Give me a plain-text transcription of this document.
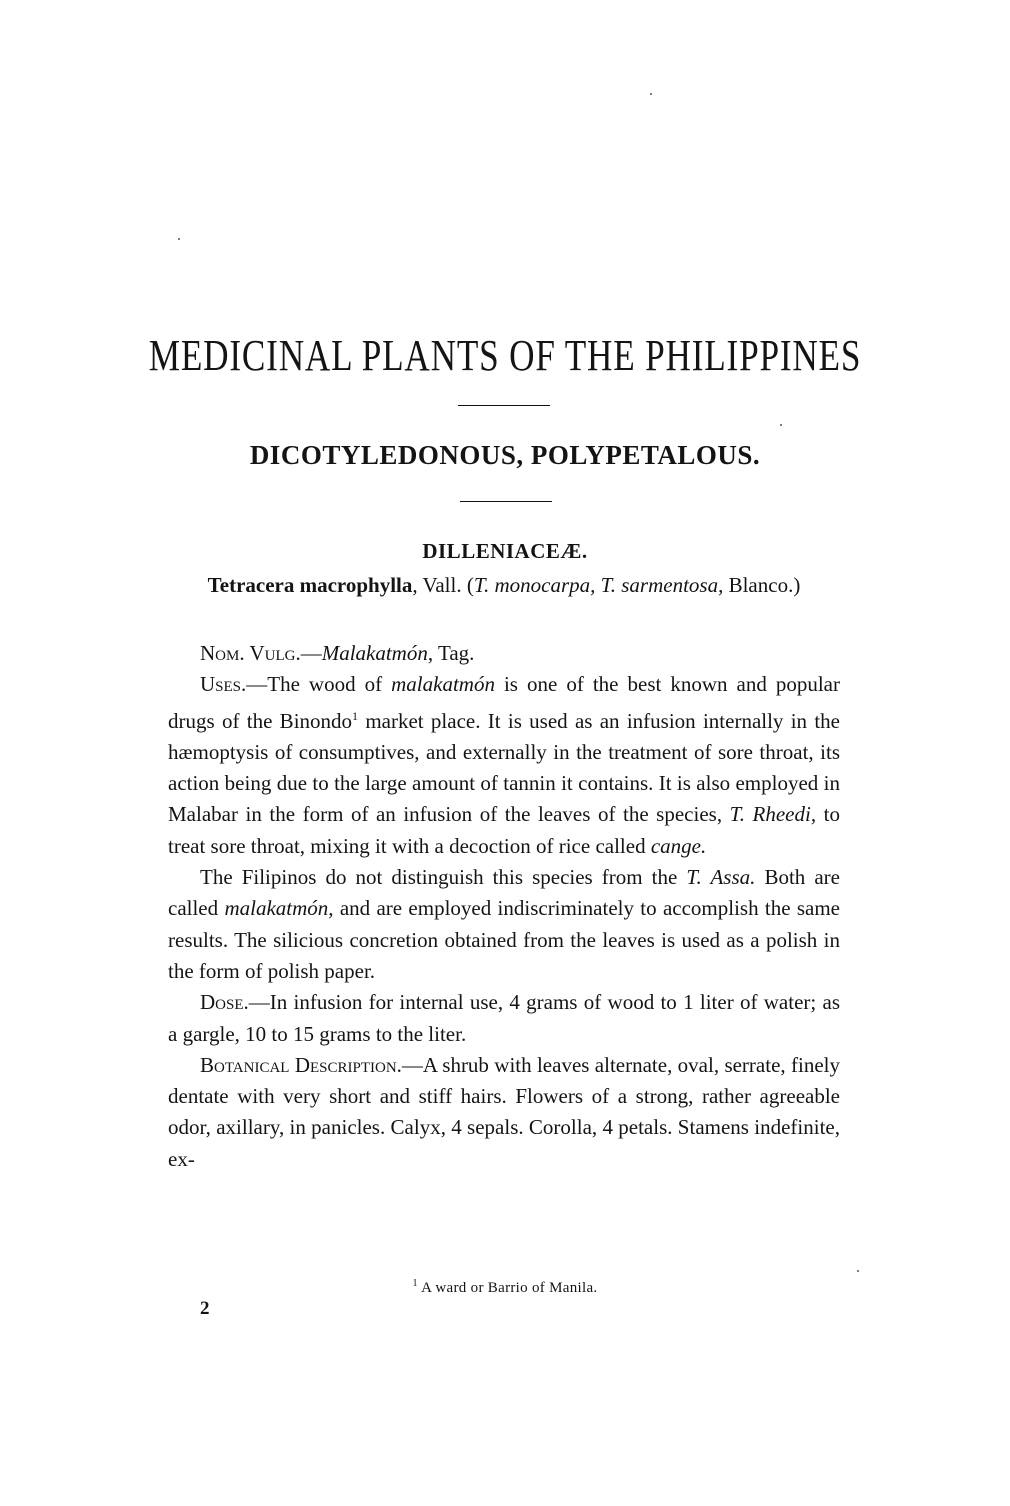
MEDICINAL PLANTS OF THE PHILIPPINES
DICOTYLEDONOUS, POLYPETALOUS.
DILLENIACEÆ.
Tetracera macrophylla, Vall. (T. monocarpa, T. sarmentosa, Blanco.)

Nom. Vulg.—Malakatmón, Tag.

Uses.—The wood of malakatmón is one of the best known and popular drugs of the Binondo$^1$ market place. It is used as an infusion internally in the hæmoptysis of consumptives, and externally in the treatment of sore throat, its action being due to the large amount of tannin it contains. It is also employed in Malabar in the form of an infusion of the leaves of the species, T. Rheedi, to treat sore throat, mixing it with a decoction of rice called cange.

The Filipinos do not distinguish this species from the T. Assa. Both are called malakatmón, and are employed indiscriminately to accomplish the same results. The silicious concretion obtained from the leaves is used as a polish in the form of polish paper.

Dose.—In infusion for internal use, 4 grams of wood to 1 liter of water; as a gargle, 10 to 15 grams to the liter.

Botanical Description.—A shrub with leaves alternate, oval, serrate, finely dentate with very short and stiff hairs. Flowers of a strong, rather agreeable odor, axillary, in panicles. Calyx, 4 sepals. Corolla, 4 petals. Stamens indefinite, ex-

$^1$ A ward or Barrio of Manila.
2
